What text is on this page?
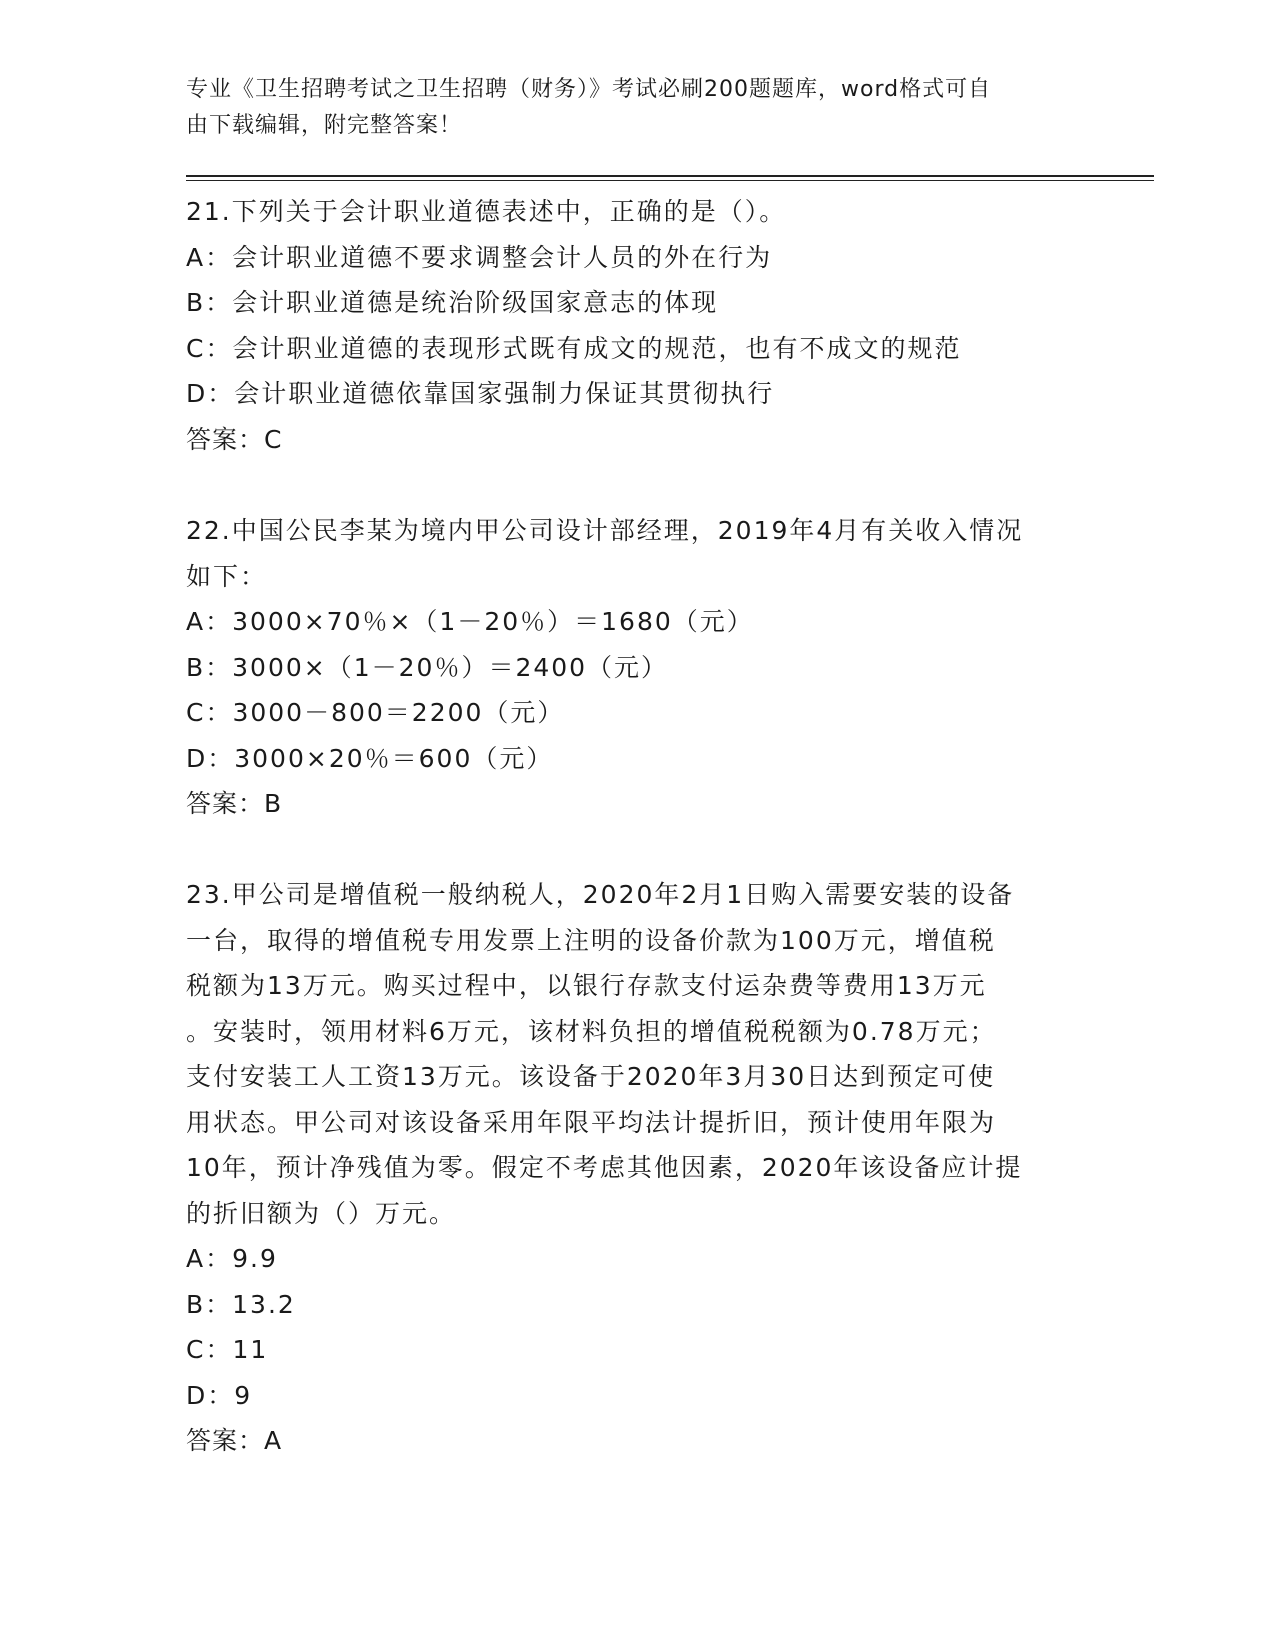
专业《卫生招聘考试之卫生招聘（财务）》考试必刷200题题库，word格式可自
由下载编辑，附完整答案！
21.下列关于会计职业道德表述中，正确的是（）。
A：会计职业道德不要求调整会计人员的外在行为
B：会计职业道德是统治阶级国家意志的体现
C：会计职业道德的表现形式既有成文的规范，也有不成文的规范
D：会计职业道德依靠国家强制力保证其贯彻执行
答案：C
22.中国公民李某为境内甲公司设计部经理，2019年4月有关收入情况
如下：
A：3000×70％×（1－20％）＝1680（元）
B：3000×（1－20％）＝2400（元）
C：3000－800＝2200（元）
D：3000×20％＝600（元）
答案：B
23.甲公司是增值税一般纳税人，2020年2月1日购入需要安装的设备
一台，取得的增值税专用发票上注明的设备价款为100万元，增值税
税额为13万元。购买过程中，以银行存款支付运杂费等费用13万元
。安装时，领用材料6万元，该材料负担的增值税税额为0.78万元；
支付安装工人工资13万元。该设备于2020年3月30日达到预定可使
用状态。甲公司对该设备采用年限平均法计提折旧，预计使用年限为
10年，预计净残值为零。假定不考虑其他因素，2020年该设备应计提
的折旧额为（）万元。
A：9.9
B：13.2
C：11
D：9
答案：A
